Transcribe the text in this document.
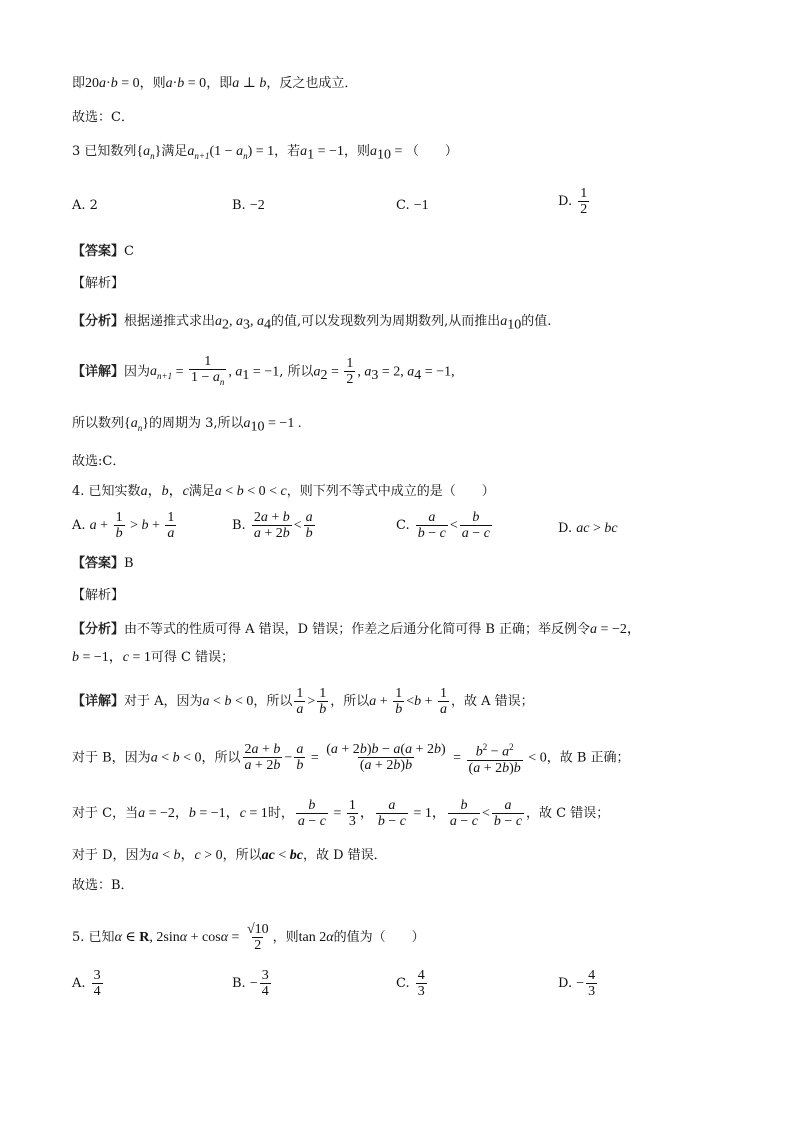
即20a·b = 0，则a·b = 0，即a ⊥ b，反之也成立．
故选：C．
3 已知数列$\{a_n\}$满足$a_{n+1}(1 - a_n) = 1$，若$a_1 = -1$，则$a_{10}$ = （　　）
A. 2	B. −2	C. −1	D. $\frac{1}{2}$
【答案】C
【解析】
【分析】根据递推式求出$a_2$, $a_3$, $a_4$的值,可以发现数列为周期数列,从而推出$a_{10}$的值.
【详解】因为$a_{n+1} = \frac{1}{1 - a_n}$ , $a_1 = -1$, 所以$a_2 = \frac{1}{2}$ , $a_3 = 2$, $a_4 = -1$,
所以数列$\{a_n\}$的周期为 3,所以$a_{10} = -1$ .
故选:C．
4. 已知实数a，b，c满足a < b < 0 < c，则下列不等式中成立的是（　　）
A. $a + \frac{1}{b} > b + \frac{1}{a}$	B. $\frac{2a + b}{a + 2b} < \frac{a}{b}$	C. $\frac{a}{b - c} < \frac{b}{a - c}$	D. ac > bc
【答案】B
【解析】
【分析】由不等式的性质可得 A 错误，D 错误；作差之后通分化简可得 B 正确；举反例令a = −2，
b = −1，c = 1可得 C 错误；
【详解】对于 A，因为a < b < 0，所以 $\frac{1}{a} > \frac{1}{b}$ ，所以$a + \frac{1}{b} <b + \frac{1}{a}$ ，故 A 错误；
对于 B，因为a < b < 0，所以 $\frac{2a + b}{a + 2b} - \frac{a}{b} = \frac{(a + 2b)b - a(a + 2b)}{(a + 2b)b} = \frac{b^2 - a^2}{(a + 2b)b} < 0$，故 B 正确；
对于 C，当a = −2，b = −1，c = 1时， $\frac{b}{a - c} = \frac{1}{3}$ ， $\frac{a}{b - c} = 1$， $\frac{b}{a - c} < \frac{a}{b - c}$ ，故 C 错误；
对于 D，因为a < b，c > 0，所以ac < bc，故 D 错误．
故选：B．
5. 已知α ∈ R, $2\sin\alpha + \cos\alpha = \frac{√10}{2}$ ，则tan 2α的值为（　　）
A. $\frac{3}{4}$	B. − $\frac{3}{4}$	C. $\frac{4}{3}$	D. − $\frac{4}{3}$
